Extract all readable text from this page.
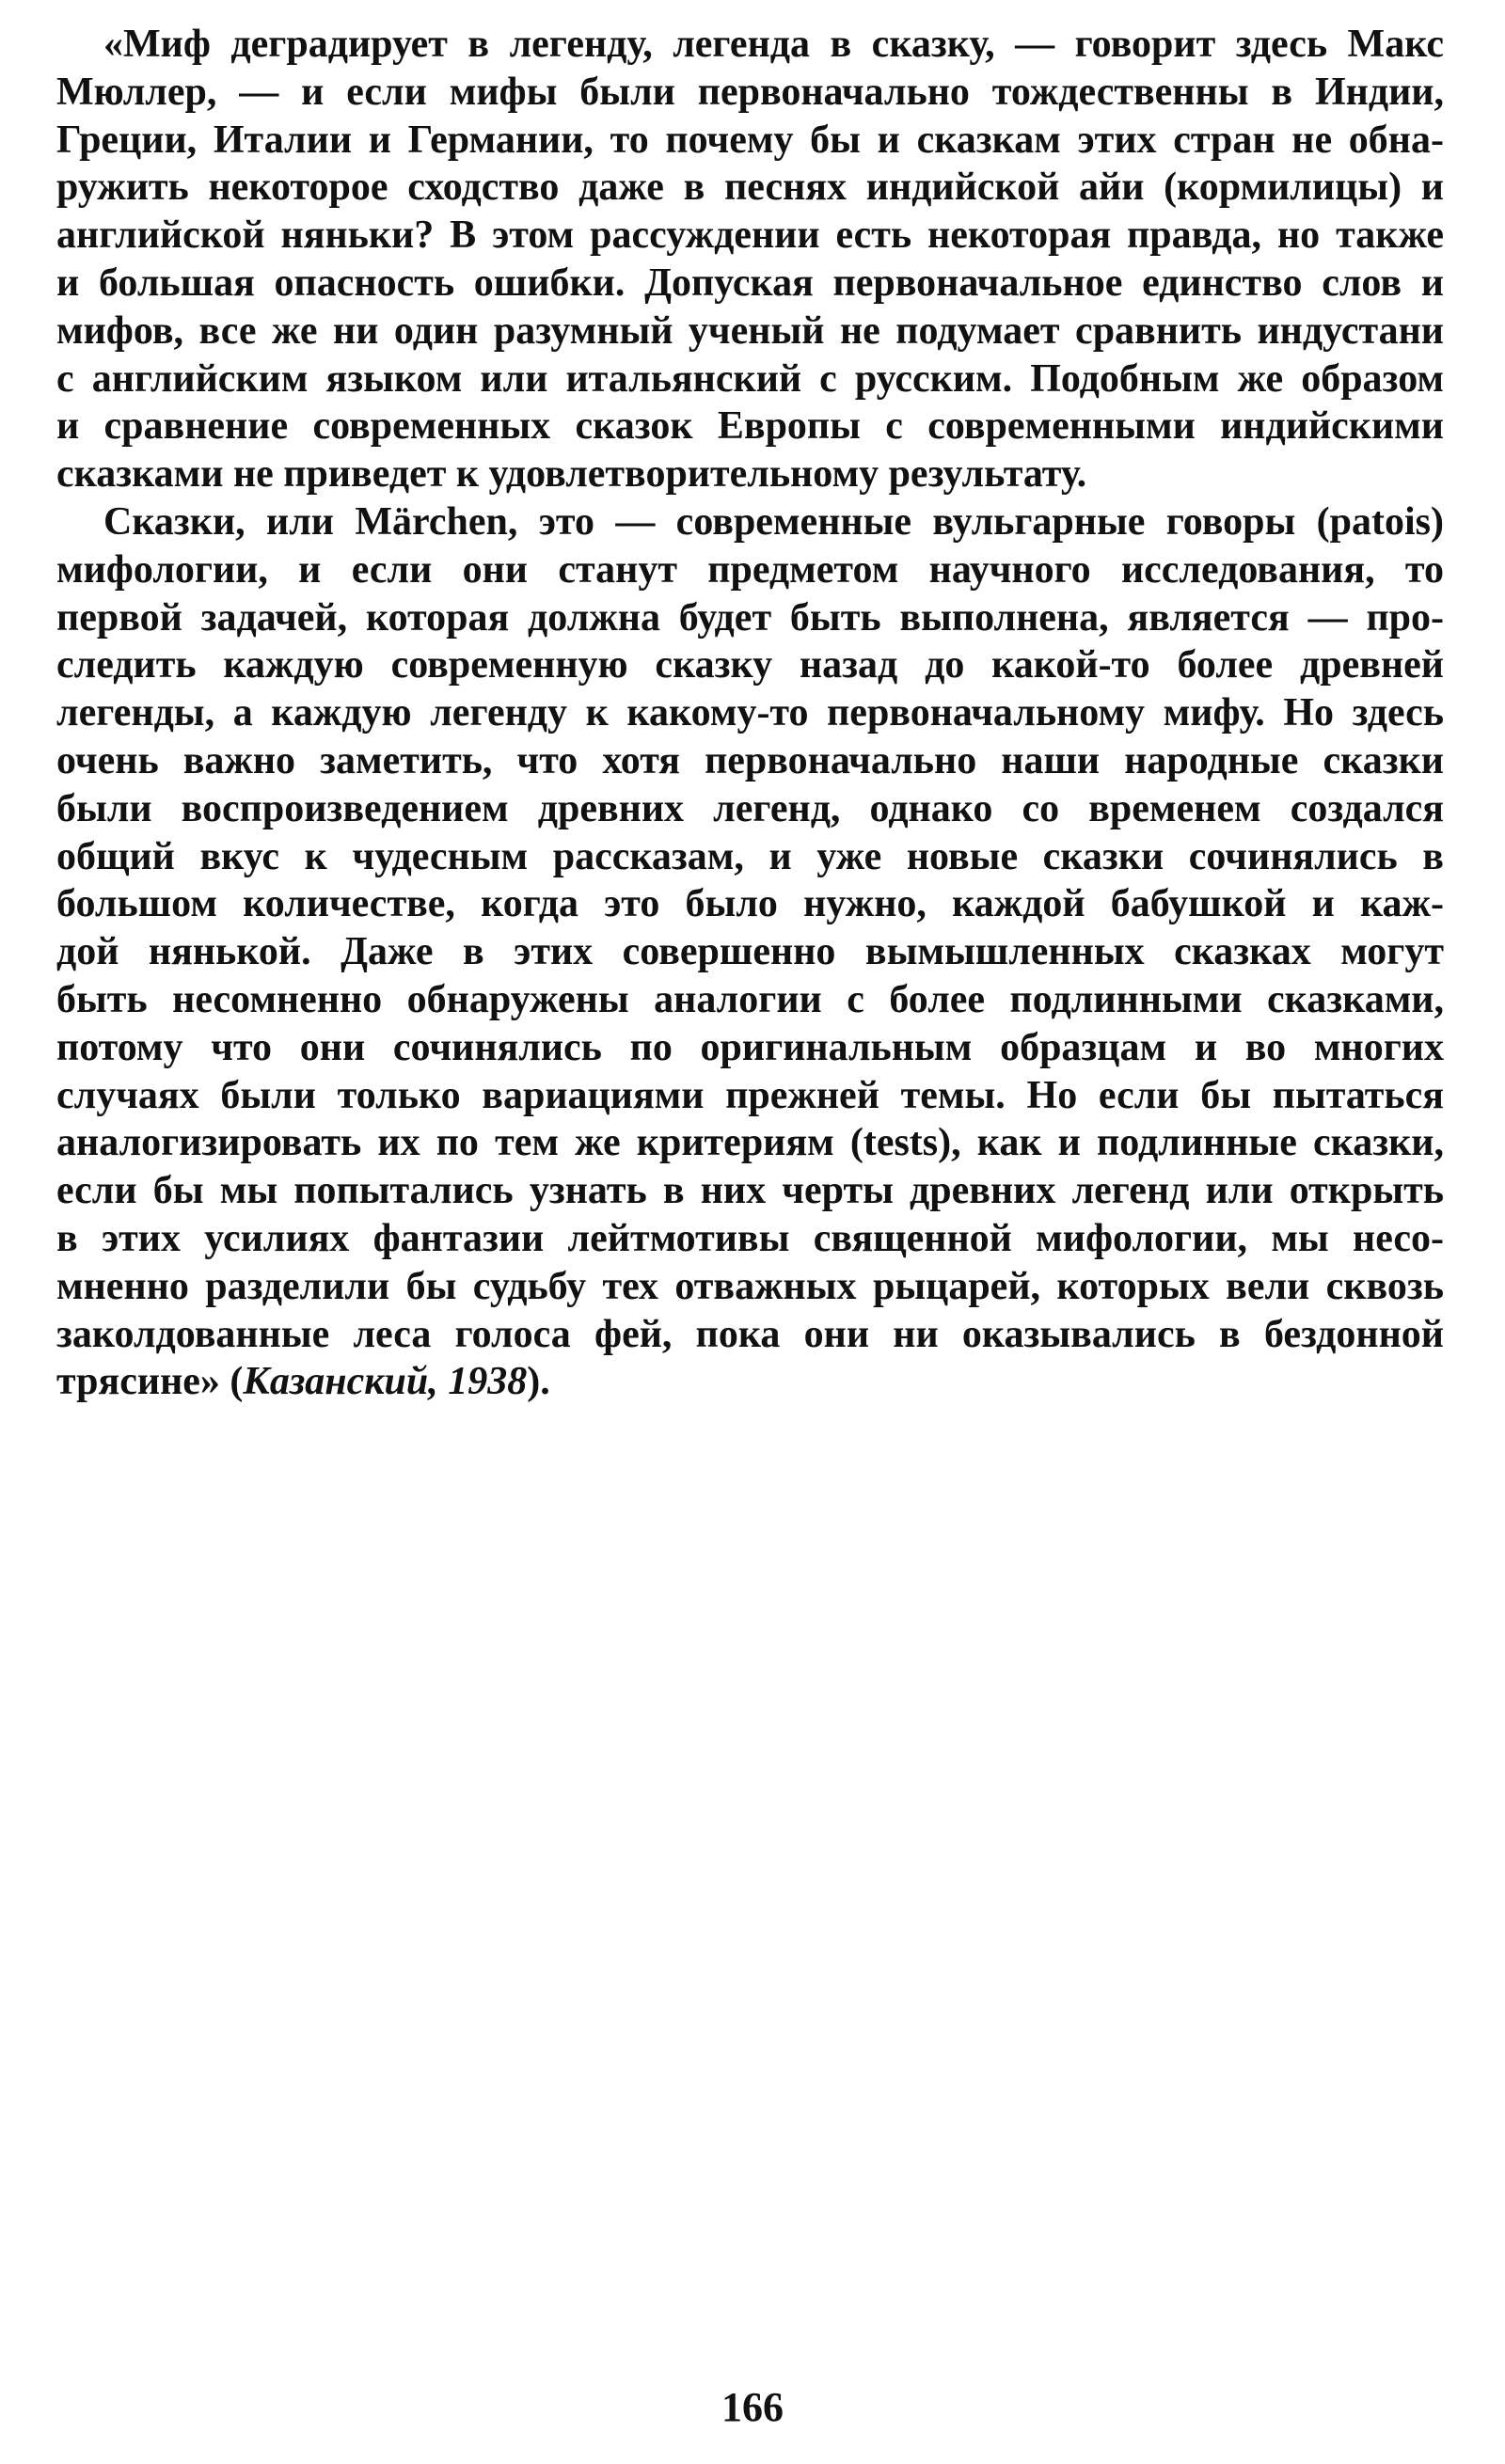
«Миф деградирует в легенду, легенда в сказку, — говорит здесь Макс
Мюллер, — и если мифы были первоначально тождественны в Индии,
Греции, Италии и Германии, то почему бы и сказкам этих стран не обна-
ружить некоторое сходство даже в песнях индийской айи (кормилицы) и
английской няньки? В этом рассуждении есть некоторая правда, но также
и большая опасность ошибки. Допуская первоначальное единство слов и
мифов, все же ни один разумный ученый не подумает сравнить индустани
с английским языком или итальянский с русским. Подобным же образом
и сравнение современных сказок Европы с современными индийскими
сказками не приведет к удовлетворительному результату.
Сказки, или Märchen, это — современные вульгарные говоры (patois)
мифологии, и если они станут предметом научного исследования, то
первой задачей, которая должна будет быть выполнена, является — про-
следить каждую современную сказку назад до какой-то более древней
легенды, а каждую легенду к какому-то первоначальному мифу. Но здесь
очень важно заметить, что хотя первоначально наши народные сказки
были воспроизведением древних легенд, однако со временем создался
общий вкус к чудесным рассказам, и уже новые сказки сочинялись в
большом количестве, когда это было нужно, каждой бабушкой и каж-
дой нянькой. Даже в этих совершенно вымышленных сказках могут
быть несомненно обнаружены аналогии с более подлинными сказками,
потому что они сочинялись по оригинальным образцам и во многих
случаях были только вариациями прежней темы. Но если бы пытаться
аналогизировать их по тем же критериям (tests), как и подлинные сказки,
если бы мы попытались узнать в них черты древних легенд или открыть
в этих усилиях фантазии лейтмотивы священной мифологии, мы несо-
мненно разделили бы судьбу тех отважных рыцарей, которых вели сквозь
заколдованные леса голоса фей, пока они ни оказывались в бездонной
трясине» (Казанский, 1938).
166
